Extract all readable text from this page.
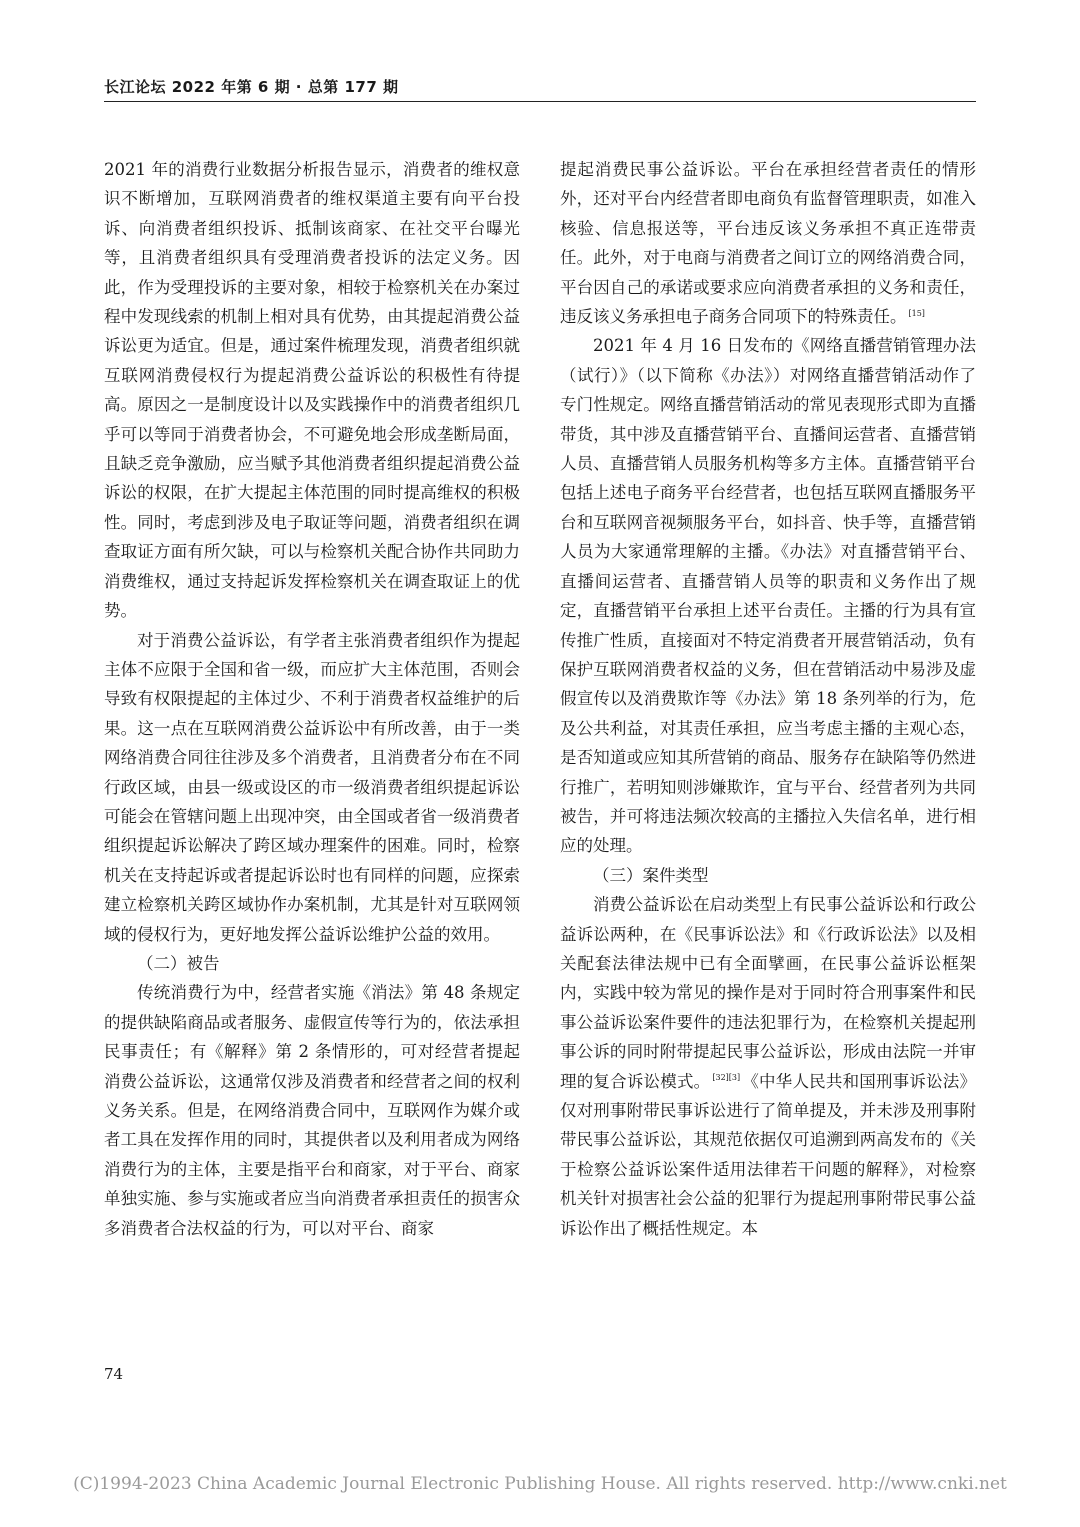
长江论坛 2022 年第 6 期 · 总第 177 期

2021 年的消费行业数据分析报告显示，消费者的维权意识不断增加，互联网消费者的维权渠道主要有向平台投诉、向消费者组织投诉、抵制该商家、在社交平台曝光等，且消费者组织具有受理消费者投诉的法定义务。因此，作为受理投诉的主要对象，相较于检察机关在办案过程中发现线索的机制上相对具有优势，由其提起消费公益诉讼更为适宜。但是，通过案件梳理发现，消费者组织就互联网消费侵权行为提起消费公益诉讼的积极性有待提高。原因之一是制度设计以及实践操作中的消费者组织几乎可以等同于消费者协会，不可避免地会形成垄断局面，且缺乏竞争激励，应当赋予其他消费者组织提起消费公益诉讼的权限，在扩大提起主体范围的同时提高维权的积极性。同时，考虑到涉及电子取证等问题，消费者组织在调查取证方面有所欠缺，可以与检察机关配合协作共同助力消费维权，通过支持起诉发挥检察机关在调查取证上的优势。

对于消费公益诉讼，有学者主张消费者组织作为提起主体不应限于全国和省一级，而应扩大主体范围，否则会导致有权限提起的主体过少、不利于消费者权益维护的后果。这一点在互联网消费公益诉讼中有所改善，由于一类网络消费合同往往涉及多个消费者，且消费者分布在不同行政区域，由县一级或设区的市一级消费者组织提起诉讼可能会在管辖问题上出现冲突，由全国或者省一级消费者组织提起诉讼解决了跨区域办理案件的困难。同时，检察机关在支持起诉或者提起诉讼时也有同样的问题，应探索建立检察机关跨区域协作办案机制，尤其是针对互联网领域的侵权行为，更好地发挥公益诉讼维护公益的效用。

（二）被告

传统消费行为中，经营者实施《消法》第 48 条规定的提供缺陷商品或者服务、虚假宣传等行为的，依法承担民事责任；有《解释》第 2 条情形的，可对经营者提起消费公益诉讼，这通常仅涉及消费者和经营者之间的权利义务关系。但是，在网络消费合同中，互联网作为媒介或者工具在发挥作用的同时，其提供者以及利用者成为网络消费行为的主体，主要是指平台和商家，对于平台、商家单独实施、参与实施或者应当向消费者承担责任的损害众多消费者合法权益的行为，可以对平台、商家

提起消费民事公益诉讼。平台在承担经营者责任的情形外，还对平台内经营者即电商负有监督管理职责，如准入核验、信息报送等，平台违反该义务承担不真正连带责任。此外，对于电商与消费者之间订立的网络消费合同，平台因自己的承诺或要求应向消费者承担的义务和责任，违反该义务承担电子商务合同项下的特殊责任。 [15]

2021 年 4 月 16 日发布的《网络直播营销管理办法（试行）》（以下简称《办法》）对网络直播营销活动作了专门性规定。网络直播营销活动的常见表现形式即为直播带货，其中涉及直播营销平台、直播间运营者、直播营销人员、直播营销人员服务机构等多方主体。直播营销平台包括上述电子商务平台经营者，也包括互联网直播服务平台和互联网音视频服务平台，如抖音、快手等，直播营销人员为大家通常理解的主播。《办法》对直播营销平台、直播间运营者、直播营销人员等的职责和义务作出了规定，直播营销平台承担上述平台责任。主播的行为具有宣传推广性质，直接面对不特定消费者开展营销活动，负有保护互联网消费者权益的义务，但在营销活动中易涉及虚假宣传以及消费欺诈等《办法》第 18 条列举的行为，危及公共利益，对其责任承担，应当考虑主播的主观心态，是否知道或应知其所营销的商品、服务存在缺陷等仍然进行推广，若明知则涉嫌欺诈，宜与平台、经营者列为共同被告，并可将违法频次较高的主播拉入失信名单，进行相应的处理。

（三）案件类型

消费公益诉讼在启动类型上有民事公益诉讼和行政公益诉讼两种，在《民事诉讼法》和《行政诉讼法》以及相关配套法律法规中已有全面擘画，在民事公益诉讼框架内，实践中较为常见的操作是对于同时符合刑事案件和民事公益诉讼案件要件的违法犯罪行为，在检察机关提起刑事公诉的同时附带提起民事公益诉讼，形成由法院一并审理的复合诉讼模式。 [32][3] 《中华人民共和国刑事诉讼法》仅对刑事附带民事诉讼进行了简单提及，并未涉及刑事附带民事公益诉讼，其规范依据仅可追溯到两高发布的《关于检察公益诉讼案件适用法律若干问题的解释》，对检察机关针对损害社会公益的犯罪行为提起刑事附带民事公益诉讼作出了概括性规定。本

74
(C)1994-2023 China Academic Journal Electronic Publishing House. All rights reserved. http://www.cnki.net
